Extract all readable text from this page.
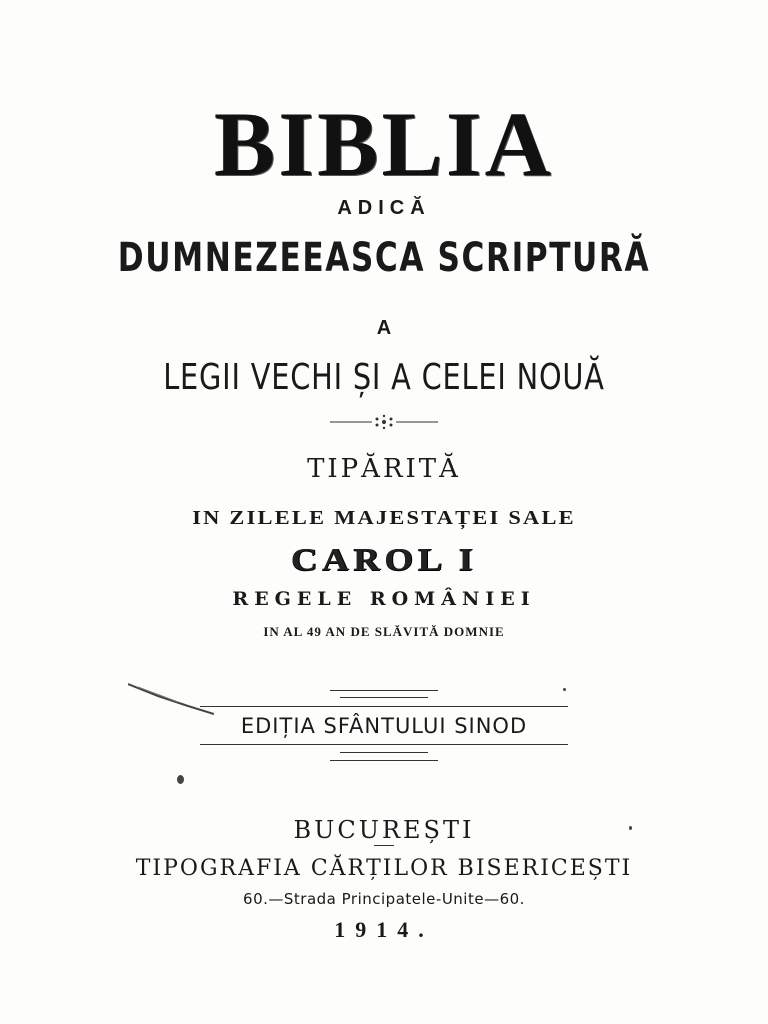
BIBLIA
ADICĂ
DUMNEZEEASCA SCRIPTURĂ
A
LEGII VECHI ȘI A CELEI NOUĂ
TIPĂRITĂ
IN ZILELE MAJESTAȚEI SALE
CAROL I
REGELE ROMÂNIEI
IN AL 49 AN DE SLĂVITĂ DOMNIE
EDIȚIA SFÂNTULUI SINOD
BUCUREȘTI
TIPOGRAFIA CĂRȚILOR BISERICEȘTI
60.—Strada Principatele-Unite—60.
1914.
